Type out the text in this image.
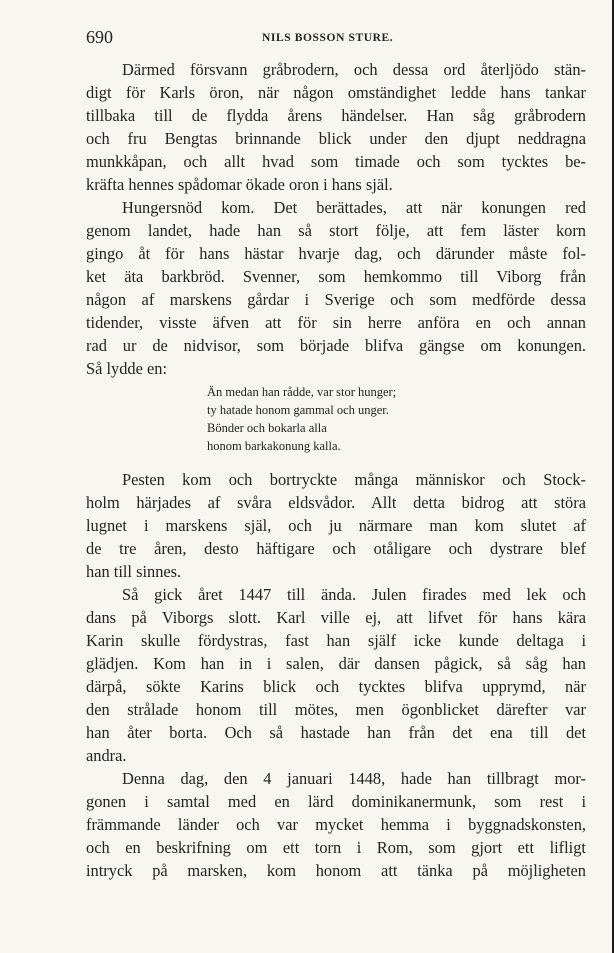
690	NILS BOSSON STURE.
Därmed försvann gråbrodern, och dessa ord återljödo stän-
digt för Karls öron, när någon omständighet ledde hans tankar
tillbaka till de flydda årens händelser. Han såg gråbrodern
och fru Bengtas brinnande blick under den djupt neddragna
munkkåpan, och allt hvad som timade och som tycktes be-
kräfta hennes spådomar ökade oron i hans själ.
Hungersnöd kom. Det berättades, att när konungen red
genom landet, hade han så stort följe, att fem läster korn
gingo åt för hans hästar hvarje dag, och därunder måste fol-
ket äta barkbröd. Svenner, som hemkommo till Viborg från
någon af marskens gårdar i Sverige och som medförde dessa
tidender, visste äfven att för sin herre anföra en och annan
rad ur de nidvisor, som började blifva gängse om konungen.
Så lydde en:
Än medan han rådde, var stor hunger;
ty hatade honom gammal och unger.
Bönder och bokarla alla
honom barkakonung kalla.
Pesten kom och bortryckte många människor och Stock-
holm härjades af svåra eldsvådor. Allt detta bidrog att störa
lugnet i marskens själ, och ju närmare man kom slutet af
de tre åren, desto häftigare och otåligare och dystrare blef
han till sinnes.
Så gick året 1447 till ända. Julen firades med lek och
dans på Viborgs slott. Karl ville ej, att lifvet för hans kära
Karin skulle fördystras, fast han själf icke kunde deltaga i
glädjen. Kom han in i salen, där dansen pågick, så såg han
därpå, sökte Karins blick och tycktes blifva upprymd, när
den strålade honom till mötes, men ögonblicket därefter var
han åter borta. Och så hastade han från det ena till det
andra.
Denna dag, den 4 januari 1448, hade han tillbragt mor-
gonen i samtal med en lärd dominikanermunk, som rest i
främmande länder och var mycket hemma i byggnadskonsten,
och en beskrifning om ett torn i Rom, som gjort ett lifligt
intryck på marsken, kom honom att tänka på möjligheten
